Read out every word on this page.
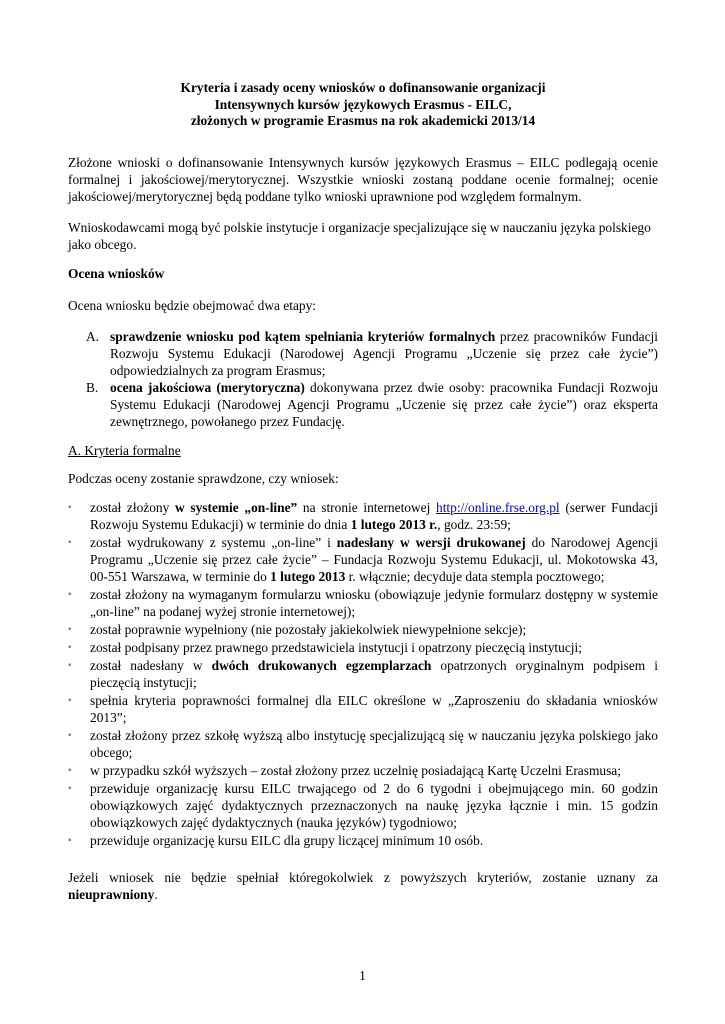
Kryteria i zasady oceny wniosków o dofinansowanie organizacji
Intensywnych kursów językowych Erasmus - EILC,
złożonych w programie Erasmus na rok akademicki 2013/14
Złożone wnioski o dofinansowanie Intensywnych kursów językowych Erasmus – EILC podlegają ocenie formalnej i jakościowej/merytorycznej. Wszystkie wnioski zostaną poddane ocenie formalnej; ocenie jakościowej/merytorycznej będą poddane tylko wnioski uprawnione pod względem formalnym.
Wnioskodawcami mogą być polskie instytucje i organizacje specjalizujące się w nauczaniu języka polskiego jako obcego.
Ocena wniosków
Ocena wniosku będzie obejmować dwa etapy:
A. sprawdzenie wniosku pod kątem spełniania kryteriów formalnych przez pracowników Fundacji Rozwoju Systemu Edukacji (Narodowej Agencji Programu „Uczenie się przez całe życie”) odpowiedzialnych za program Erasmus;
B. ocena jakościowa (merytoryczna) dokonywana przez dwie osoby: pracownika Fundacji Rozwoju Systemu Edukacji (Narodowej Agencji Programu „Uczenie się przez całe życie”) oraz eksperta zewnętrznego, powołanego przez Fundację.
A. Kryteria formalne
Podczas oceny zostanie sprawdzone, czy wniosek:
▪ został złożony w systemie „on-line” na stronie internetowej http://online.frse.org.pl (serwer Fundacji Rozwoju Systemu Edukacji) w terminie do dnia 1 lutego 2013 r., godz. 23:59;
▪ został wydrukowany z systemu „on-line” i nadesłany w wersji drukowanej do Narodowej Agencji Programu „Uczenie się przez całe życie” – Fundacja Rozwoju Systemu Edukacji, ul. Mokotowska 43, 00-551 Warszawa, w terminie do 1 lutego 2013 r. włącznie; decyduje data stempla pocztowego;
▪ został złożony na wymaganym formularzu wniosku (obowiązuje jedynie formularz dostępny w systemie „on-line” na podanej wyżej stronie internetowej);
▪ został poprawnie wypełniony (nie pozostały jakiekolwiek niewypełnione sekcje);
▪ został podpisany przez prawnego przedstawiciela instytucji i opatrzony pieczęcią instytucji;
▪ został nadesłany w dwóch drukowanych egzemplarzach opatrzonych oryginalnym podpisem i pieczęcią instytucji;
▪ spełnia kryteria poprawności formalnej dla EILC określone w „Zaproszeniu do składania wniosków 2013”;
▪ został złożony przez szkołę wyższą albo instytucję specjalizującą się w nauczaniu języka polskiego jako obcego;
▪ w przypadku szkół wyższych – został złożony przez uczelnię posiadającą Kartę Uczelni Erasmusa;
▪ przewiduje organizację kursu EILC trwającego od 2 do 6 tygodni i obejmującego min. 60 godzin obowiązkowych zajęć dydaktycznych przeznaczonych na naukę języka łącznie i min. 15 godzin obowiązkowych zajęć dydaktycznych (nauka języków) tygodniowo;
▪ przewiduje organizację kursu EILC dla grupy liczącej minimum 10 osób.
Jeżeli wniosek nie będzie spełniał któregokolwiek z powyższych kryteriów, zostanie uznany za nieuprawniony.
1
